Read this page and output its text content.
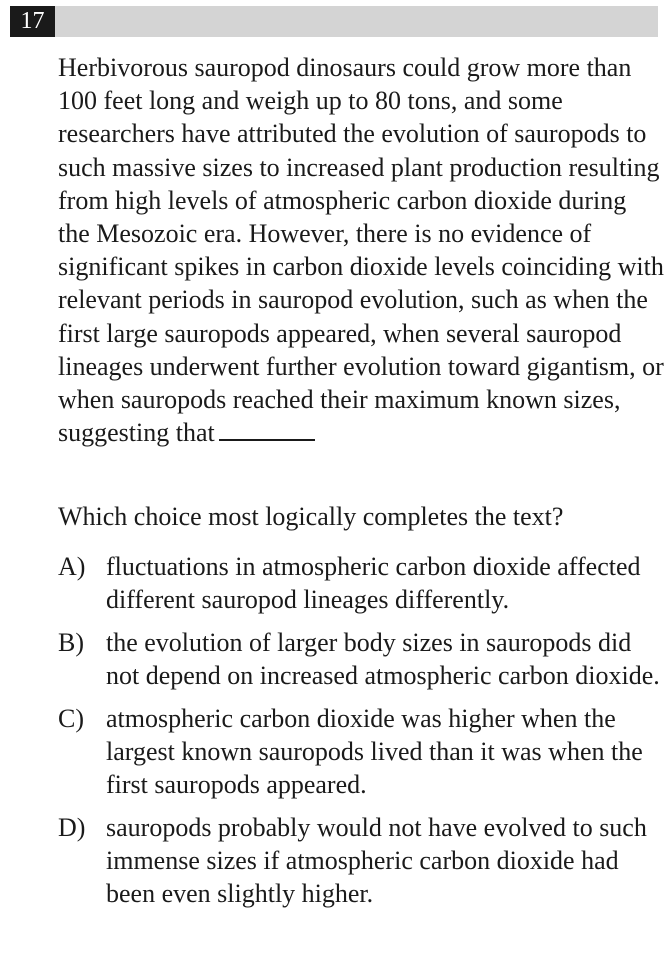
17

Herbivorous sauropod dinosaurs could grow more than 100 feet long and weigh up to 80 tons, and some researchers have attributed the evolution of sauropods to such massive sizes to increased plant production resulting from high levels of atmospheric carbon dioxide during the Mesozoic era. However, there is no evidence of significant spikes in carbon dioxide levels coinciding with relevant periods in sauropod evolution, such as when the first large sauropods appeared, when several sauropod lineages underwent further evolution toward gigantism, or when sauropods reached their maximum known sizes, suggesting that

Which choice most logically completes the text?

A) fluctuations in atmospheric carbon dioxide affected different sauropod lineages differently.
B) the evolution of larger body sizes in sauropods did not depend on increased atmospheric carbon dioxide.
C) atmospheric carbon dioxide was higher when the largest known sauropods lived than it was when the first sauropods appeared.
D) sauropods probably would not have evolved to such immense sizes if atmospheric carbon dioxide had been even slightly higher.
